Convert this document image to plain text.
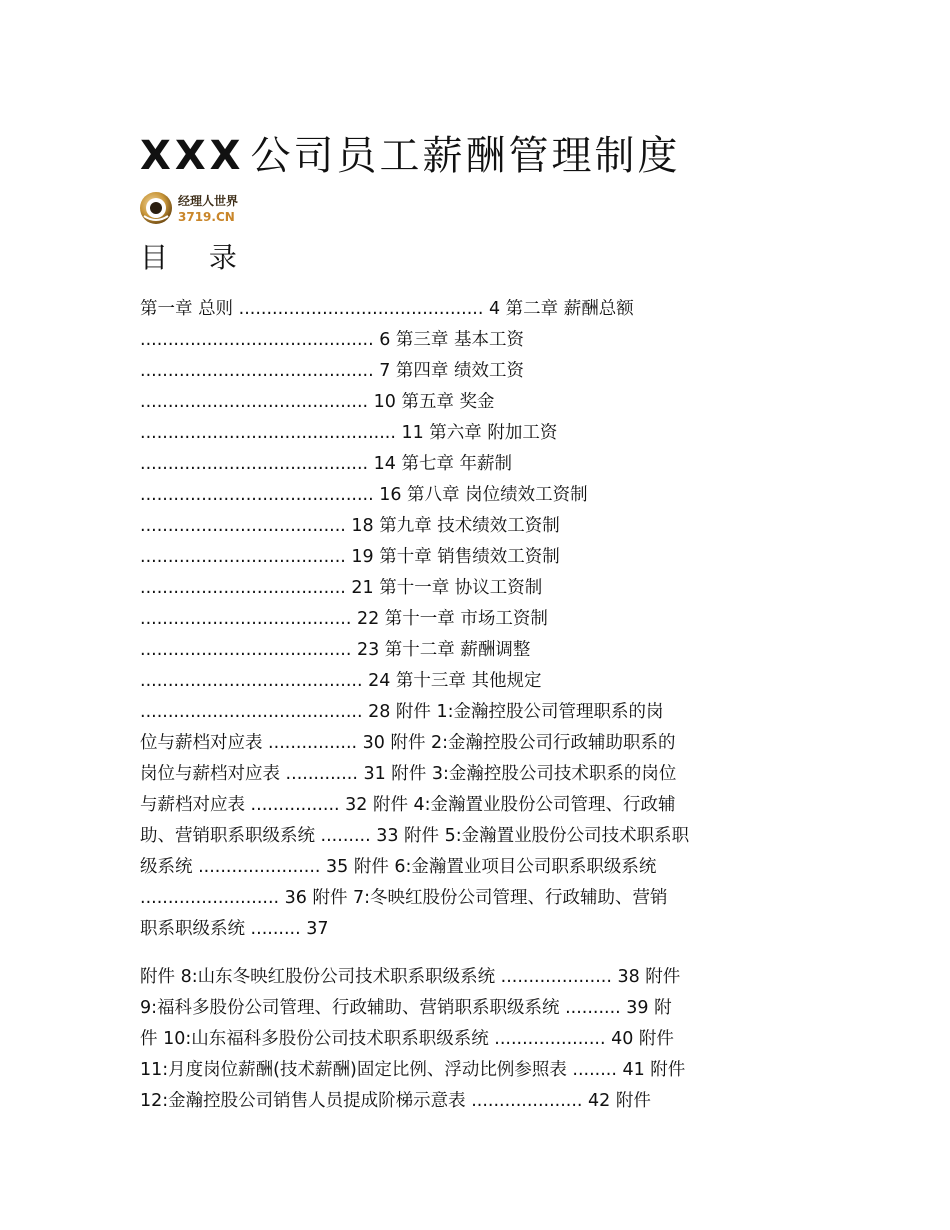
XXX 公司员工薪酬管理制度
经理人世界
3719.CN
目 录
第一章 总则 ............................................ 4 第二章 薪酬总额
.......................................... 6 第三章 基本工资
.......................................... 7 第四章 绩效工资
......................................... 10 第五章 奖金
.............................................. 11 第六章 附加工资
......................................... 14 第七章 年薪制
.......................................... 16 第八章 岗位绩效工资制
..................................... 18 第九章 技术绩效工资制
..................................... 19 第十章 销售绩效工资制
..................................... 21 第十一章 协议工资制
...................................... 22 第十一章 市场工资制
...................................... 23 第十二章 薪酬调整
........................................ 24 第十三章 其他规定
........................................ 28 附件 1:金瀚控股公司管理职系的岗
位与薪档对应表 ................ 30 附件 2:金瀚控股公司行政辅助职系的
岗位与薪档对应表 ............. 31 附件 3:金瀚控股公司技术职系的岗位
与薪档对应表 ................ 32 附件 4:金瀚置业股份公司管理、行政辅
助、营销职系职级系统 ......... 33 附件 5:金瀚置业股份公司技术职系职
级系统 ...................... 35 附件 6:金瀚置业项目公司职系职级系统
......................... 36 附件 7:冬映红股份公司管理、行政辅助、营销
职系职级系统 ......... 37
附件 8:山东冬映红股份公司技术职系职级系统 .................... 38 附件
9:福科多股份公司管理、行政辅助、营销职系职级系统 .......... 39 附
件 10:山东福科多股份公司技术职系职级系统 .................... 40 附件
11:月度岗位薪酬(技术薪酬)固定比例、浮动比例参照表 ........ 41 附件
12:金瀚控股公司销售人员提成阶梯示意表 .................... 42 附件
